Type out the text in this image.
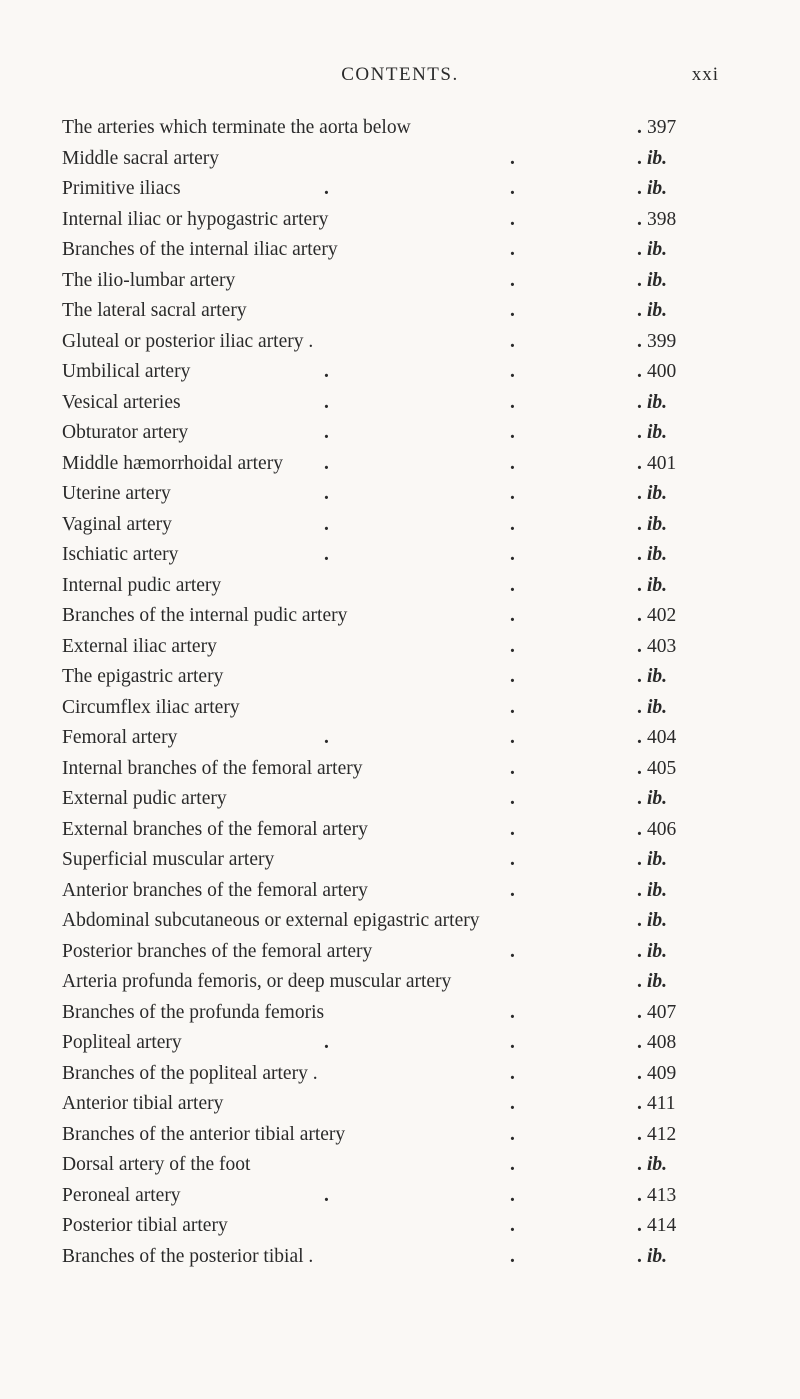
CONTENTS.	xxi
The arteries which terminate the aorta below	. 397
Middle sacral artery	.	. ib.
Primitive iliacs	.	.	. ib.
Internal iliac or hypogastric artery	.	. 398
Branches of the internal iliac artery	.	. ib.
The ilio-lumbar artery	.	. ib.
The lateral sacral artery	.	. ib.
Gluteal or posterior iliac artery .	.	. 399
Umbilical artery	.	.	. 400
Vesical arteries	.	.	. ib.
Obturator artery	.	.	. ib.
Middle hæmorrhoidal artery .	.	. 401
Uterine artery	.	.	. ib.
Vaginal artery	.	.	. ib.
Ischiatic artery	.	.	. ib.
Internal pudic artery	.	. ib.
Branches of the internal pudic artery	.	. 402
External iliac artery	.	. 403
The epigastric artery	.	. ib.
Circumflex iliac artery	.	. ib.
Femoral artery	.	.	. 404
Internal branches of the femoral artery	.	. 405
External pudic artery	.	. ib.
External branches of the femoral artery	.	. 406
Superficial muscular artery	.	. ib.
Anterior branches of the femoral artery	.	. ib.
Abdominal subcutaneous or external epigastric artery	. ib.
Posterior branches of the femoral artery	.	. ib.
Arteria profunda femoris, or deep muscular artery	. ib.
Branches of the profunda femoris	.	. 407
Popliteal artery	.	.	. 408
Branches of the popliteal artery .	.	. 409
Anterior tibial artery	.	. 411
Branches of the anterior tibial artery	.	. 412
Dorsal artery of the foot	.	. ib.
Peroneal artery	.	.	. 413
Posterior tibial artery	.	. 414
Branches of the posterior tibial .	.	. ib.
